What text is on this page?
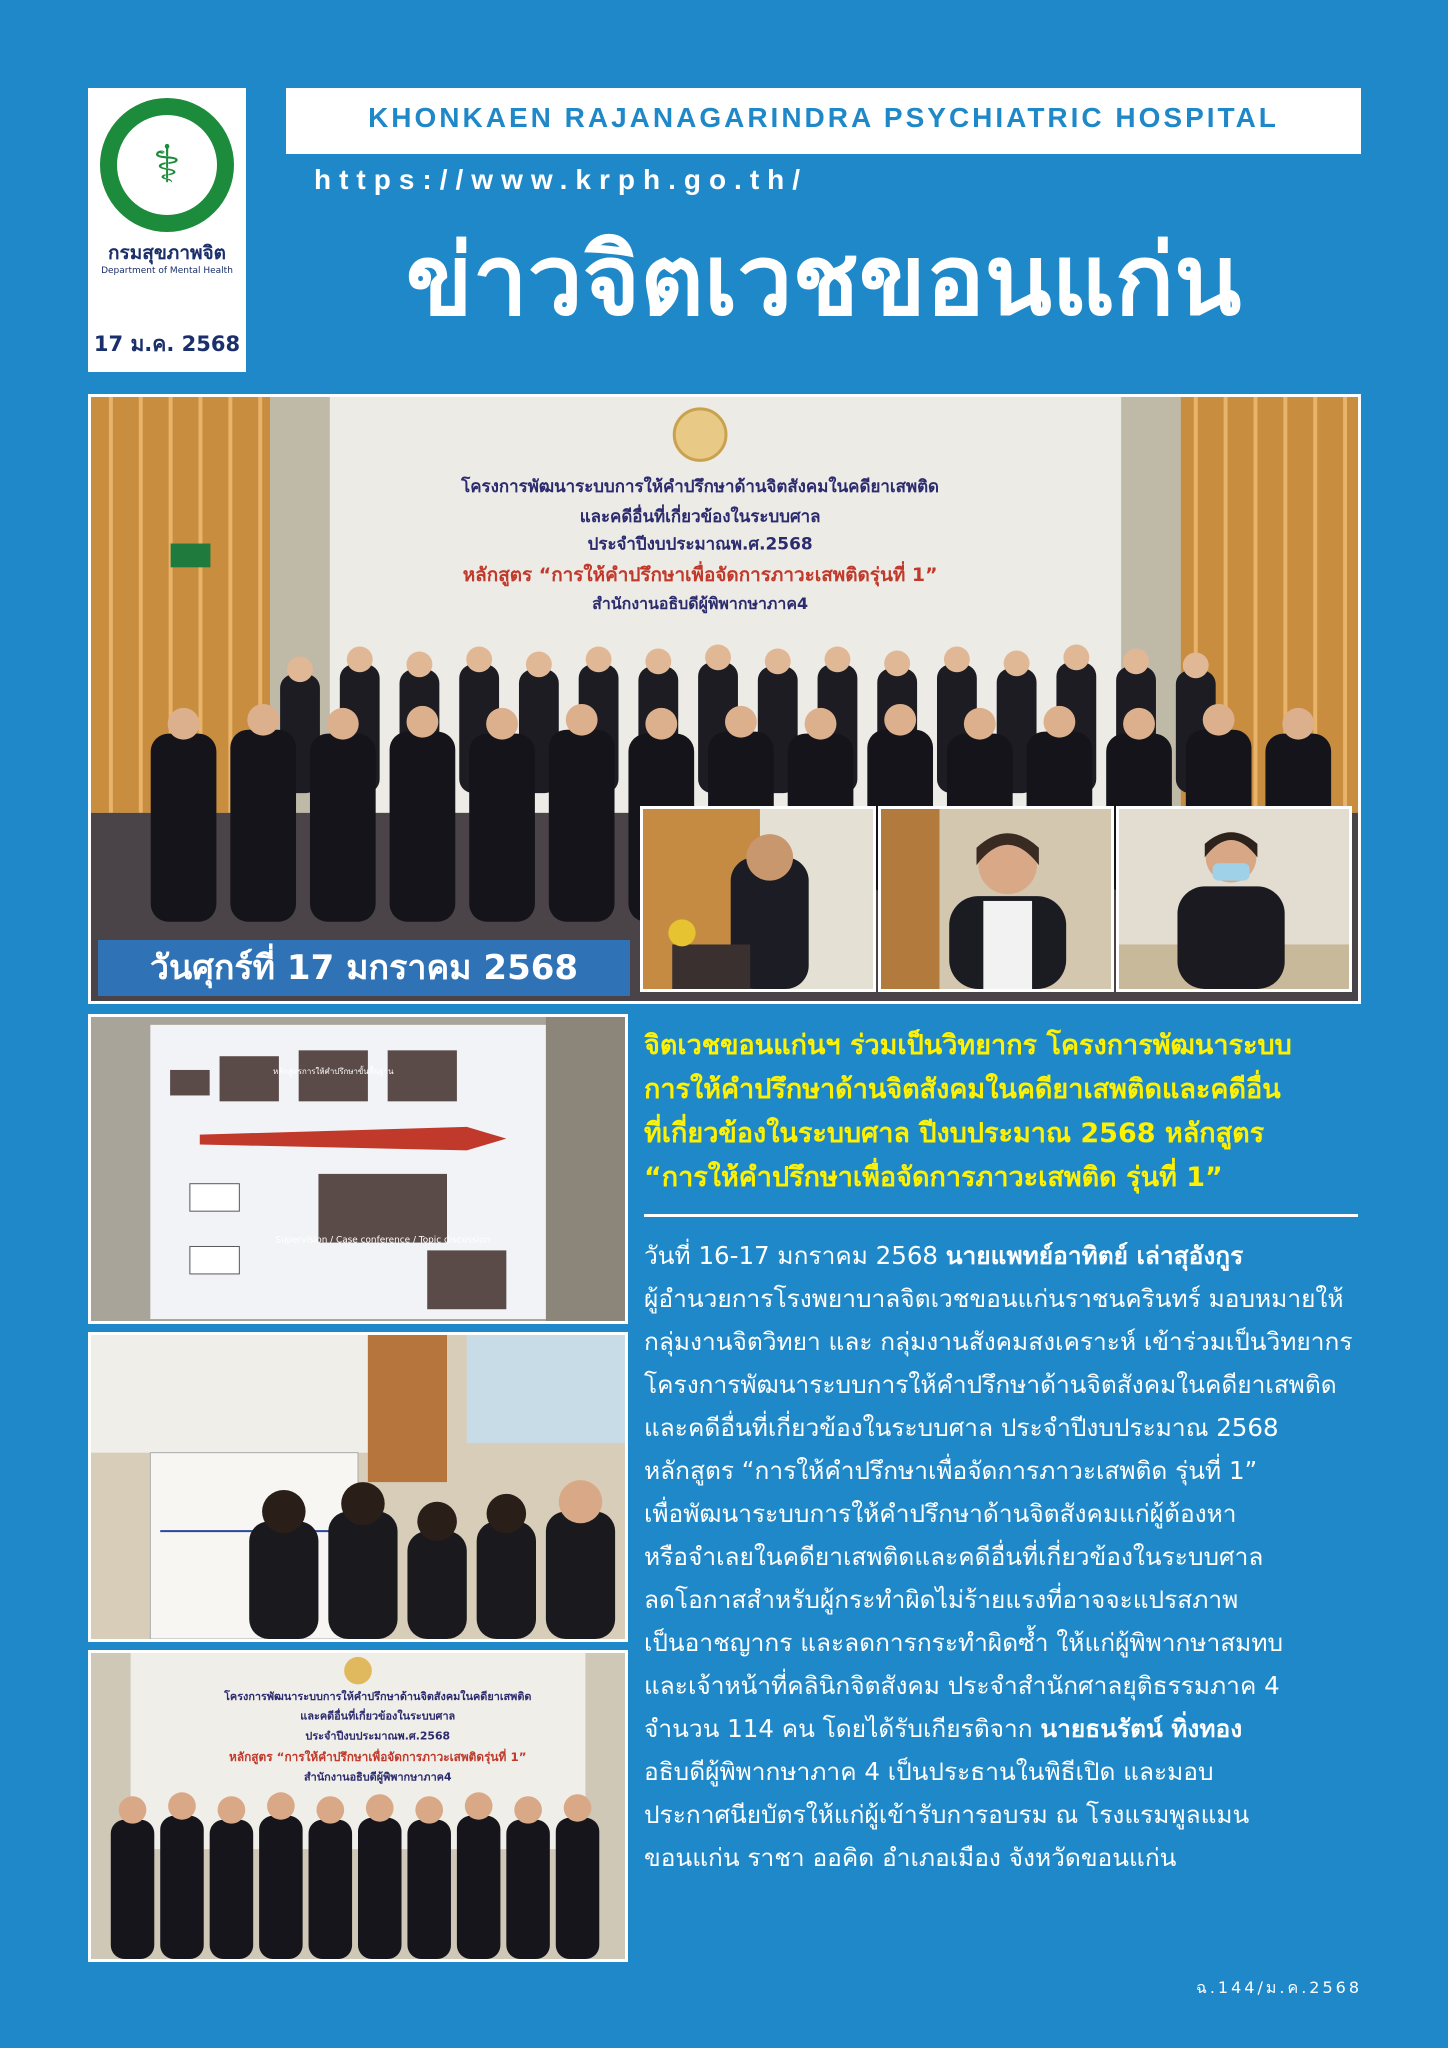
⚕
กรมสุขภาพจิต
Department of Mental Health
17 ม.ค. 2568
KHONKAEN RAJANAGARINDRA PSYCHIATRIC HOSPITAL
https://www.krph.go.th/
ข่าวจิตเวชขอนแก่น
โครงการพัฒนาระบบการให้คำปรึกษาด้านจิตสังคมในคดียาเสพติด
และคดีอื่นที่เกี่ยวข้องในระบบศาล
ประจำปีงบประมาณพ.ศ.2568
หลักสูตร “การให้คำปรึกษาเพื่อจัดการภาวะเสพติดรุ่นที่ 1”
สำนักงานอธิบดีผู้พิพากษาภาค4
วันศุกร์ที่ 17 มกราคม 2568
หลักสูตรการให้คำปรึกษาขั้นพื้นฐาน
Supervision / Case conference / Topic discussion
โครงการพัฒนาระบบการให้คำปรึกษาด้านจิตสังคมในคดียาเสพติด
และคดีอื่นที่เกี่ยวข้องในระบบศาล
ประจำปีงบประมาณพ.ศ.2568
หลักสูตร “การให้คำปรึกษาเพื่อจัดการภาวะเสพติดรุ่นที่ 1”
สำนักงานอธิบดีผู้พิพากษาภาค4
จิตเวชขอนแก่นฯ ร่วมเป็นวิทยากร โครงการพัฒนาระบบ
การให้คำปรึกษาด้านจิตสังคมในคดียาเสพติดและคดีอื่น
ที่เกี่ยวข้องในระบบศาล ปีงบประมาณ 2568 หลักสูตร
“การให้คำปรึกษาเพื่อจัดการภาวะเสพติด รุ่นที่ 1”
วันที่ 16-17 มกราคม 2568 นายแพทย์อาทิตย์ เล่าสุอังกูร
ผู้อำนวยการโรงพยาบาลจิตเวชขอนแก่นราชนครินทร์ มอบหมายให้
กลุ่มงานจิตวิทยา และ กลุ่มงานสังคมสงเคราะห์ เข้าร่วมเป็นวิทยากร
โครงการพัฒนาระบบการให้คำปรึกษาด้านจิตสังคมในคดียาเสพติด
และคดีอื่นที่เกี่ยวข้องในระบบศาล ประจำปีงบประมาณ 2568
หลักสูตร “การให้คำปรึกษาเพื่อจัดการภาวะเสพติด รุ่นที่ 1”
เพื่อพัฒนาระบบการให้คำปรึกษาด้านจิตสังคมแก่ผู้ต้องหา
หรือจำเลยในคดียาเสพติดและคดีอื่นที่เกี่ยวข้องในระบบศาล
ลดโอกาสสำหรับผู้กระทำผิดไม่ร้ายแรงที่อาจจะแปรสภาพ
เป็นอาชญากร และลดการกระทำผิดซ้ำ ให้แก่ผู้พิพากษาสมทบ
และเจ้าหน้าที่คลินิกจิตสังคม ประจำสำนักศาลยุติธรรมภาค 4
จำนวน 114 คน โดยได้รับเกียรติจาก นายธนรัตน์ ทิ่งทอง
อธิบดีผู้พิพากษาภาค 4 เป็นประธานในพิธีเปิด และมอบ
ประกาศนียบัตรให้แก่ผู้เข้ารับการอบรม ณ โรงแรมพูลแมน
ขอนแก่น ราชา ออคิด อำเภอเมือง จังหวัดขอนแก่น
ฉ.144/ม.ค.2568
